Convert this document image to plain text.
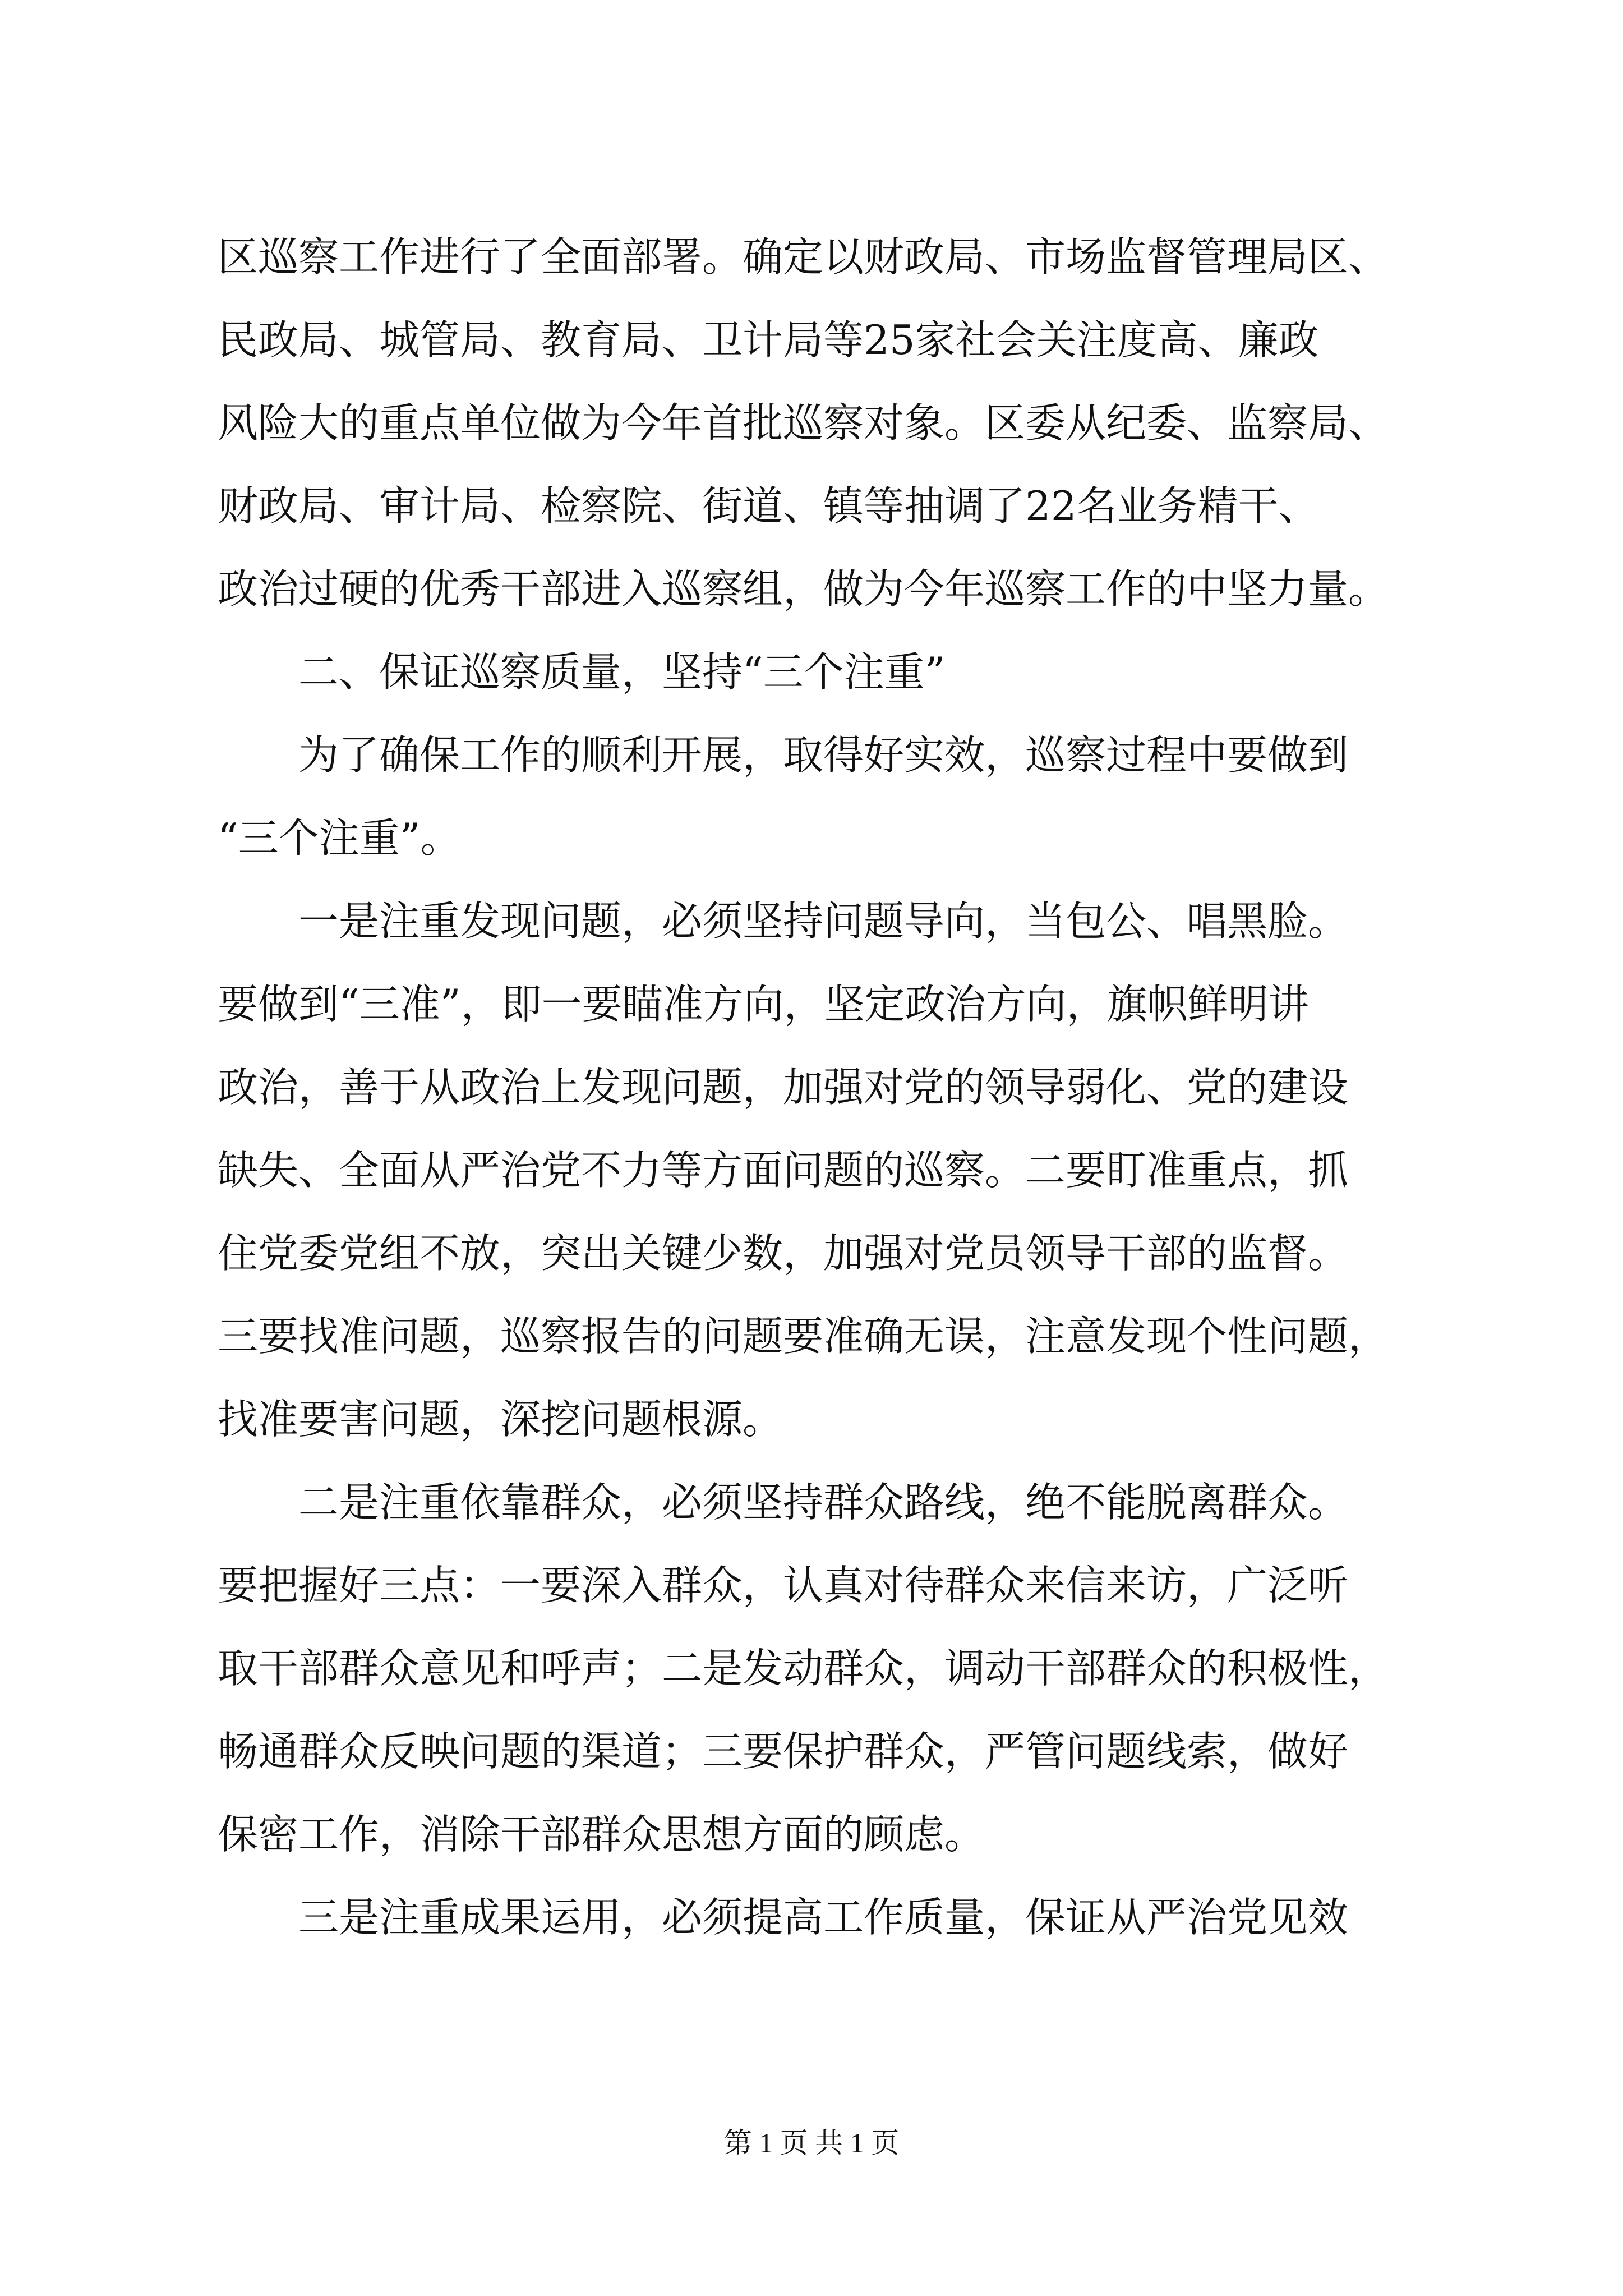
区巡察工作进行了全面部署。确定以财政局、市场监督管理局区、
民政局、城管局、教育局、卫计局等25家社会关注度高、廉政
风险大的重点单位做为今年首批巡察对象。区委从纪委、监察局、
财政局、审计局、检察院、街道、镇等抽调了22名业务精干、
政治过硬的优秀干部进入巡察组，做为今年巡察工作的中坚力量。
　　二、保证巡察质量，坚持“三个注重”
　　为了确保工作的顺利开展，取得好实效，巡察过程中要做到
“三个注重”。
　　一是注重发现问题，必须坚持问题导向，当包公、唱黑脸。
要做到“三准”，即一要瞄准方向，坚定政治方向，旗帜鲜明讲
政治，善于从政治上发现问题，加强对党的领导弱化、党的建设
缺失、全面从严治党不力等方面问题的巡察。二要盯准重点，抓
住党委党组不放，突出关键少数，加强对党员领导干部的监督。
三要找准问题，巡察报告的问题要准确无误，注意发现个性问题，
找准要害问题，深挖问题根源。
　　二是注重依靠群众，必须坚持群众路线，绝不能脱离群众。
要把握好三点：一要深入群众，认真对待群众来信来访，广泛听
取干部群众意见和呼声；二是发动群众，调动干部群众的积极性，
畅通群众反映问题的渠道；三要保护群众，严管问题线索，做好
保密工作，消除干部群众思想方面的顾虑。
　　三是注重成果运用，必须提高工作质量，保证从严治党见效
第 1 页 共 1 页
